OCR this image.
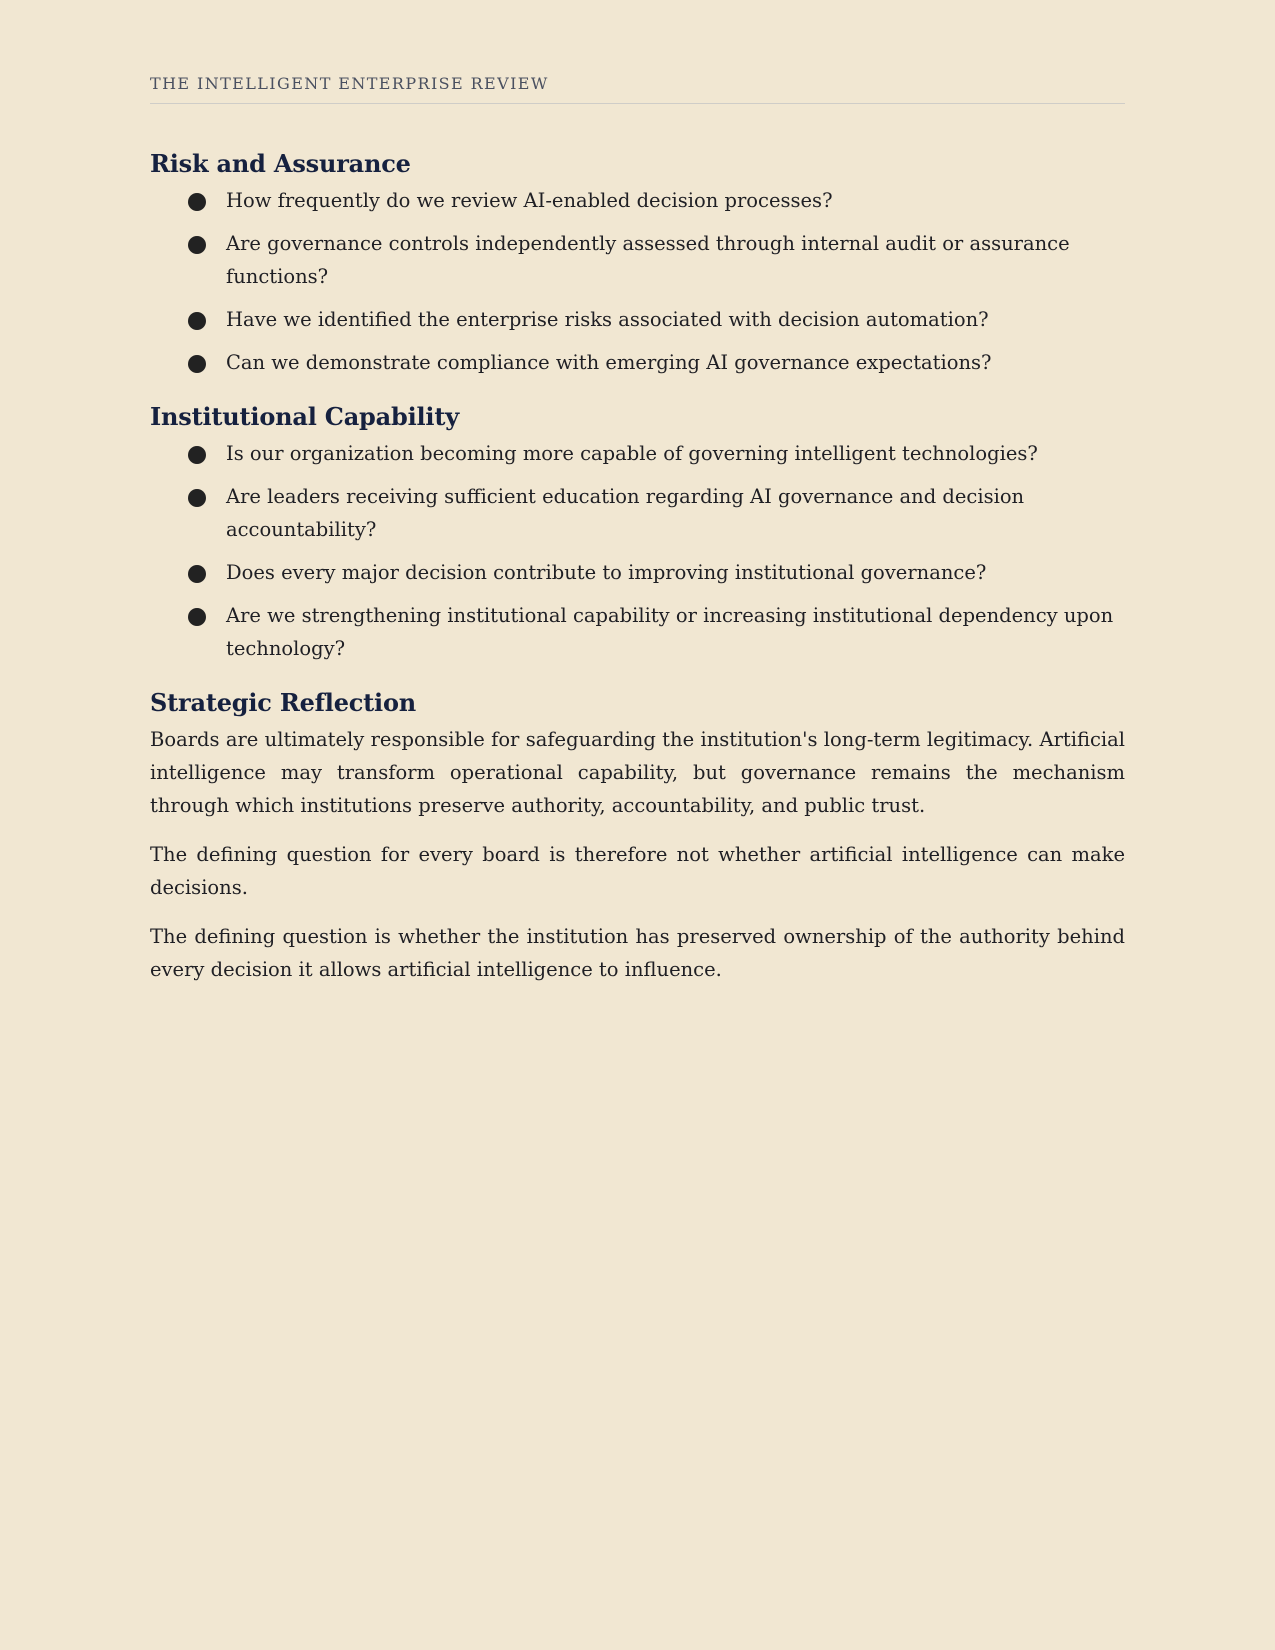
THE INTELLIGENT ENTERPRISE REVIEW
Risk and Assurance
How frequently do we review AI-enabled decision processes?
Are governance controls independently assessed through internal audit or assurance functions?
Have we identified the enterprise risks associated with decision automation?
Can we demonstrate compliance with emerging AI governance expectations?
Institutional Capability
Is our organization becoming more capable of governing intelligent technologies?
Are leaders receiving sufficient education regarding AI governance and decision accountability?
Does every major decision contribute to improving institutional governance?
Are we strengthening institutional capability or increasing institutional dependency upon technology?
Strategic Reflection

Boards are ultimately responsible for safeguarding the institution's long-term legitimacy. Artificial intelligence may transform operational capability, but governance remains the mechanism through which institutions preserve authority, accountability, and public trust.

The defining question for every board is therefore not whether artificial intelligence can make decisions.

The defining question is whether the institution has preserved ownership of the authority behind every decision it allows artificial intelligence to influence.
